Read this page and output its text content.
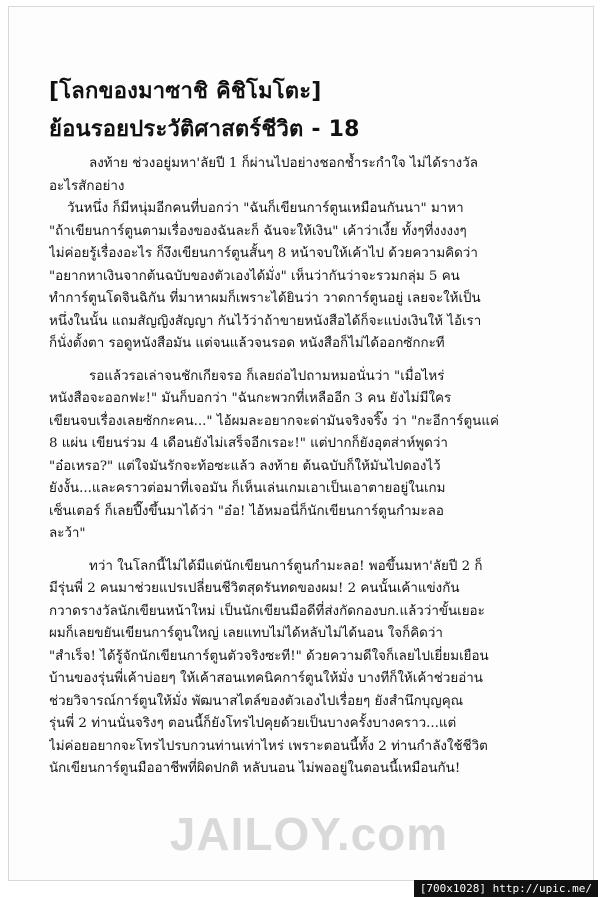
[โลกของมาซาชิ คิชิโมโตะ]
ย้อนรอยประวัติศาสตร์ชีวิต - 18

ลงท้าย ช่วงอยู่มหา'ลัยปี 1 ก็ผ่านไปอย่างชอกช้ำระกำใจ ไม่ได้รางวัล

อะไรสักอย่าง

วันหนึ่ง ก็มีหนุ่มอีกคนที่บอกว่า "ฉันก็เขียนการ์ตูนเหมือนกันนา" มาหา

"ถ้าเขียนการ์ตูนตามเรื่องของฉันละก็ ฉันจะให้เงิน" เค้าว่าเงี้ย ทั้งๆที่งงงงๆ

ไม่ค่อยรู้เรื่องอะไร ก็งึงเขียนการ์ตูนสั้นๆ 8 หน้าจบให้เค้าไป ด้วยความคิดว่า

"อยากหาเงินจากต้นฉบับของตัวเองได้มั่ง" เห็นว่ากันว่าจะรวมกลุ่ม 5 คน

ทำการ์ตูนโดจินฉิกัน ที่มาหาผมก็เพราะได้ยินว่า วาดการ์ตูนอยู่ เลยจะให้เป็น

หนึ่งในนั้น แถมสัญญิงสัญญา กันไว้ว่าถ้าขายหนังสือได้ก็จะแบ่งเงินให้ ไอ้เรา

ก็นั่งตั้งตา รอดูหนังสือมัน แต่จนแล้วจนรอด หนังสือก็ไม่ได้ออกซักกะที

รอแล้วรอเล่าจนชักเกียจรอ ก็เลยถ่อไปถามหมอนั่นว่า "เมื่อไหร่

หนังสือจะออกฟะ!" มันก็บอกว่า "ฉันกะพวกที่เหลืออีก 3 คน ยังไม่มีใคร

เขียนจบเรื่องเลยซักกะคน..." ไอ้ผมละอยากจะด่ามันจริงจริ๊ง ว่า "กะอีการ์ตูนแค่

8 แผ่น เขียนร่วม 4 เดือนยังไม่เสร็จอีกเรอะ!" แต่ปากก็ยังอุตส่าห์พูดว่า

"อ๋อเหรอ?" แต่ใจมันรักจะท้อซะแล้ว ลงท้าย ต้นฉบับก็ให้มันไปดองไว้

ยังงั้น...และคราวต่อมาที่เจอมัน ก็เห็นเล่นเกมเอาเป็นเอาตายอยู่ในเกม

เซ็นเตอร์ ก็เลยปึ๊งขึ้นมาได้ว่า "อ๋อ! ไอ้หมอนี่ก็นักเขียนการ์ตูนกำมะลอ

ละว้า"

ทว่า ในโลกนี้ไม่ได้มีแต่นักเขียนการ์ตูนกำมะลอ! พอขึ้นมหา'ลัยปี 2 ก็

มีรุ่นพี่ 2 คนมาช่วยแปรเปลี่ยนชีวิตสุดรันทดของผม! 2 คนนั้นเค้าแข่งกัน

กวาดรางวัลนักเขียนหน้าใหม่ เป็นนักเขียนมือดีที่ส่งกัดกองบก.แล้วว่าขั้นเยอะ

ผมก็เลยขยันเขียนการ์ตูนใหญ่ เลยแทบไม่ได้หลับไม่ได้นอน ใจก็คิดว่า

"สำเร็จ! ได้รู้จักนักเขียนการ์ตูนตัวจริงซะที!" ด้วยความดีใจก็เลยไปเยี่ยมเยือน

บ้านของรุ่นพี่เค้าบ่อยๆ ให้เค้าสอนเทคนิคการ์ตูนให้มั่ง บางทีก็ให้เค้าช่วยอ่าน

ช่วยวิจารณ์การ์ตูนให้มั่ง พัฒนาสไตล์ของตัวเองไปเรื่อยๆ ยังสำนึกบุญคุณ

รุ่นพี่ 2 ท่านนั่นจริงๆ ตอนนี้ก็ยังโทรไปคุยด้วยเป็นบางครั้งบางคราว...แต่

ไม่ค่อยอยากจะโทรไปรบกวนท่านเท่าไหร่ เพราะตอนนี้ทั้ง 2 ท่านกำลังใช้ชีวิต

นักเขียนการ์ตูนมืออาชีพที่ผิดปกติ หลับนอน ไม่พออยู่ในตอนนี้เหมือนกัน!

JAILOY.com
[700x1028] http://upic.me/
